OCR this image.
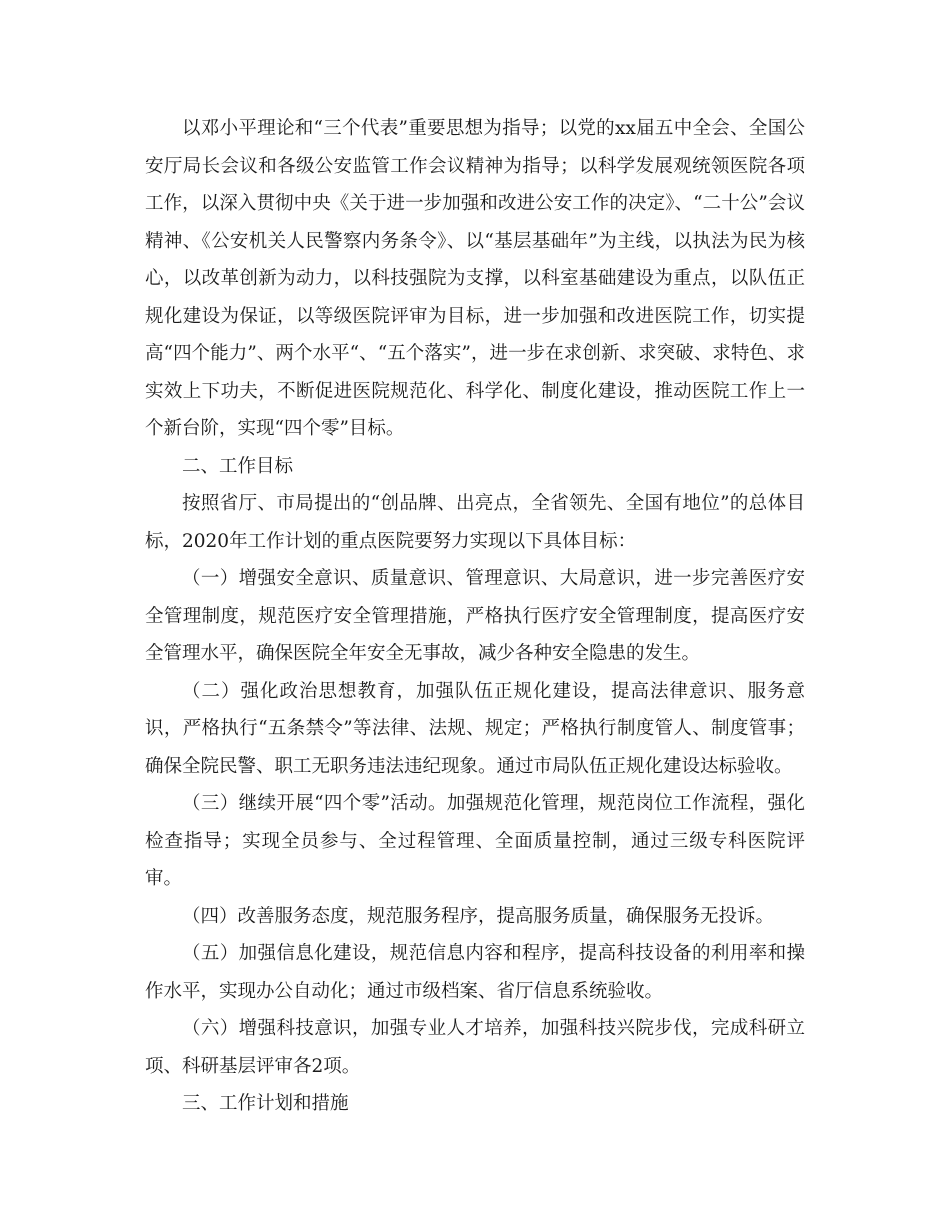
以邓小平理论和“三个代表”重要思想为指导；以党的xx届五中全会、全国公安厅局长会议和各级公安监管工作会议精神为指导；以科学发展观统领医院各项工作，以深入贯彻中央《关于进一步加强和改进公安工作的决定》、“二十公”会议精神、《公安机关人民警察内务条令》、以“基层基础年”为主线，以执法为民为核心，以改革创新为动力，以科技强院为支撑，以科室基础建设为重点，以队伍正规化建设为保证，以等级医院评审为目标，进一步加强和改进医院工作，切实提高“四个能力”、两个水平“、“五个落实”，进一步在求创新、求突破、求特色、求实效上下功夫，不断促进医院规范化、科学化、制度化建设，推动医院工作上一个新台阶，实现“四个零”目标。

二、工作目标

按照省厅、市局提出的“创品牌、出亮点，全省领先、全国有地位”的总体目标，2020年工作计划的重点医院要努力实现以下具体目标：

（一）增强安全意识、质量意识、管理意识、大局意识，进一步完善医疗安全管理制度，规范医疗安全管理措施，严格执行医疗安全管理制度，提高医疗安全管理水平，确保医院全年安全无事故，减少各种安全隐患的发生。

（二）强化政治思想教育，加强队伍正规化建设，提高法律意识、服务意识，严格执行“五条禁令”等法律、法规、规定；严格执行制度管人、制度管事；确保全院民警、职工无职务违法违纪现象。通过市局队伍正规化建设达标验收。

（三）继续开展“四个零”活动。加强规范化管理，规范岗位工作流程，强化检查指导；实现全员参与、全过程管理、全面质量控制，通过三级专科医院评审。

（四）改善服务态度，规范服务程序，提高服务质量，确保服务无投诉。

（五）加强信息化建设，规范信息内容和程序，提高科技设备的利用率和操作水平，实现办公自动化；通过市级档案、省厅信息系统验收。

（六）增强科技意识，加强专业人才培养，加强科技兴院步伐，完成科研立项、科研基层评审各2项。

三、工作计划和措施
